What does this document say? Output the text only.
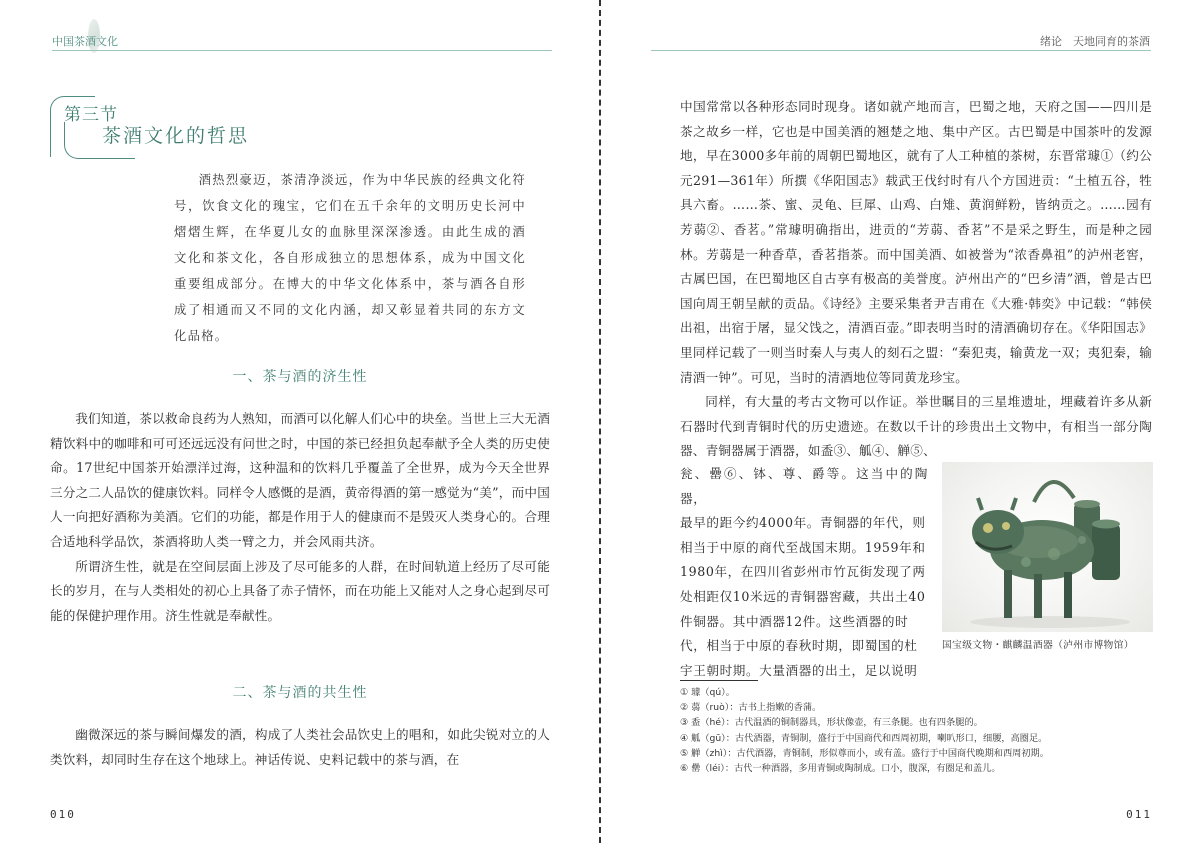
中国茶酒文化
第三节
茶酒文化的哲思
酒热烈豪迈，茶清净淡远，作为中华民族的经典文化符号，饮食文化的瑰宝，它们在五千余年的文明历史长河中熠熠生辉，在华夏儿女的血脉里深深渗透。由此生成的酒文化和茶文化，各自形成独立的思想体系，成为中国文化重要组成部分。在博大的中华文化体系中，茶与酒各自形成了相通而又不同的文化内涵，却又彰显着共同的东方文化品格。
一、茶与酒的济生性

我们知道，茶以救命良药为人熟知，而酒可以化解人们心中的块垒。当世上三大无酒精饮料中的咖啡和可可还远远没有问世之时，中国的茶已经担负起奉献予全人类的历史使命。17世纪中国茶开始漂洋过海，这种温和的饮料几乎覆盖了全世界，成为今天全世界三分之二人品饮的健康饮料。同样令人感慨的是酒，黄帝得酒的第一感觉为“美”，而中国人一向把好酒称为美酒。它们的功能，都是作用于人的健康而不是毁灭人类身心的。合理合适地科学品饮，茶酒将助人类一臂之力，并会风雨共济。

所谓济生性，就是在空间层面上涉及了尽可能多的人群，在时间轨道上经历了尽可能长的岁月，在与人类相处的初心上具备了赤子情怀，而在功能上又能对人之身心起到尽可能的保健护理作用。济生性就是奉献性。

二、茶与酒的共生性

幽微深远的茶与瞬间爆发的酒，构成了人类社会品饮史上的唱和，如此尖锐对立的人类饮料，却同时生存在这个地球上。神话传说、史料记载中的茶与酒，在

010
绪论　天地同育的茶酒

中国常常以各种形态同时现身。诸如就产地而言，巴蜀之地，天府之国——四川是茶之故乡一样，它也是中国美酒的翘楚之地、集中产区。古巴蜀是中国茶叶的发源地，早在3000多年前的周朝巴蜀地区，就有了人工种植的茶树，东晋常璩①（约公元291—361年）所撰《华阳国志》载武王伐纣时有八个方国进贡：“土植五谷，牲具六畜。……茶、蜜、灵龟、巨犀、山鸡、白雉、黄润鲜粉，皆纳贡之。……园有芳蒻②、香茗。”常璩明确指出，进贡的“芳蒻、香茗”不是采之野生，而是种之园林。芳蒻是一种香草，香茗指茶。而中国美酒、如被誉为“浓香鼻祖”的泸州老窖，古属巴国，在巴蜀地区自古享有极高的美誉度。泸州出产的“巴乡清”酒，曾是古巴国向周王朝呈献的贡品。《诗经》主要采集者尹吉甫在《大雅·韩奕》中记载：“韩侯出祖，出宿于屠，显父饯之，清酒百壶。”即表明当时的清酒确切存在。《华阳国志》里同样记载了一则当时秦人与夷人的刻石之盟：“秦犯夷，输黄龙一双；夷犯秦，输清酒一钟”。可见，当时的清酒地位等同黄龙珍宝。

同样，有大量的考古文物可以作证。举世瞩目的三星堆遗址，埋藏着许多从新石器时代到青铜时代的历史遗迹。在数以千计的珍贵出土文物中，有相当一部分陶器、青铜器属于酒器，如盉③、觚④、觯⑤、

瓮、罍⑥、钵、尊、爵等。这当中的陶器，
最早的距今约4000年。青铜器的年代，则
相当于中原的商代至战国末期。1959年和
1980年，在四川省彭州市竹瓦街发现了两
处相距仅10米远的青铜器窖藏，共出土40
件铜器。其中酒器12件。这些酒器的时
代，相当于中原的春秋时期，即蜀国的杜
宇王朝时期。大量酒器的出土，足以说明
国宝级文物・麒麟温酒器（泸州市博物馆）
① 璩（qú）。
② 蒻（ruò）：古书上指嫩的香蒲。
③ 盉（hé）：古代温酒的铜制器具，形状像壶，有三条腿。也有四条腿的。
④ 觚（gū）：古代酒器，青铜制，盛行于中国商代和西周初期，喇叭形口，细腰，高圈足。
⑤ 觯（zhì）：古代酒器，青铜制，形似尊而小，或有盖。盛行于中国商代晚期和西周初期。
⑥ 罍（léi）：古代一种酒器，多用青铜或陶制成。口小，腹深，有圈足和盖儿。
011
